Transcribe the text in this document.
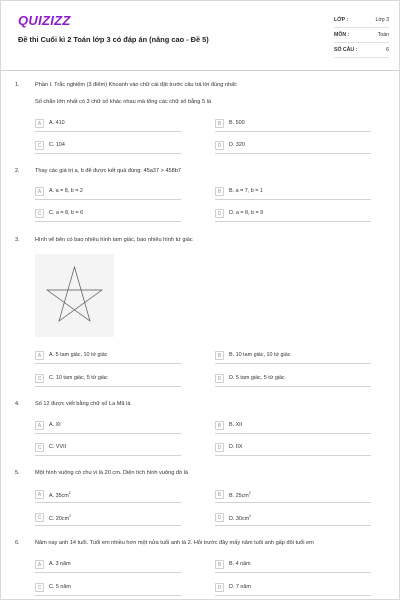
QUIZIZZ
Đề thi Cuối kì 2 Toán lớp 3 có đáp án (nâng cao - Đề 5)
LỚP :	Lớp 3
MÔN :	Toán
SỐ CÂU :	6
1.	Phần I. Trắc nghiệm (3 điểm) Khoanh vào chữ cái đặt trước câu trả lời đúng nhất:
Số chẵn lớn nhất có 3 chữ số khác nhau mà tổng các chữ số bằng 5 là
A	A. 410	B	B. 500
C	C. 104	D	D. 320
2.	Thay các giá trị a, b để được kết quả đúng: 45a37 > 458b7
A	A. a = 8, b = 2	B	B. a = 7, b = 1
C	C. a = 8, b = 6	D	D. a = 8, b = 9
3.	Hình vẽ bên có bao nhiêu hình tam giác, bao nhiêu hình tứ giác
A	A. 5 tam giác, 10 tứ giác	B	B. 10 tam giác, 10 tứ giác
C	C. 10 tam giác, 5 tứ giác	D	D. 5 tam giác, 5 tứ giác
4.	Số 12 được viết bằng chữ số La Mã là
A	A. XI	B	B. XII
C	C. VVII	D	D. IIX
5.	Một hình vuông có chu vi là 20 cm. Diện tích hình vuông đó là
A	A. $35cm^2$	B	B. $25cm^2$
C	C. $20cm^2$	D	D. $30cm^2$
6.	Năm nay anh 14 tuổi. Tuổi em nhiều hơn một nửa tuổi anh là 2. Hỏi trước đây mấy năm tuổi anh gấp đôi tuổi em
A	A. 3 năm	B	B. 4 năm
C	C. 5 năm	D	D. 7 năm
